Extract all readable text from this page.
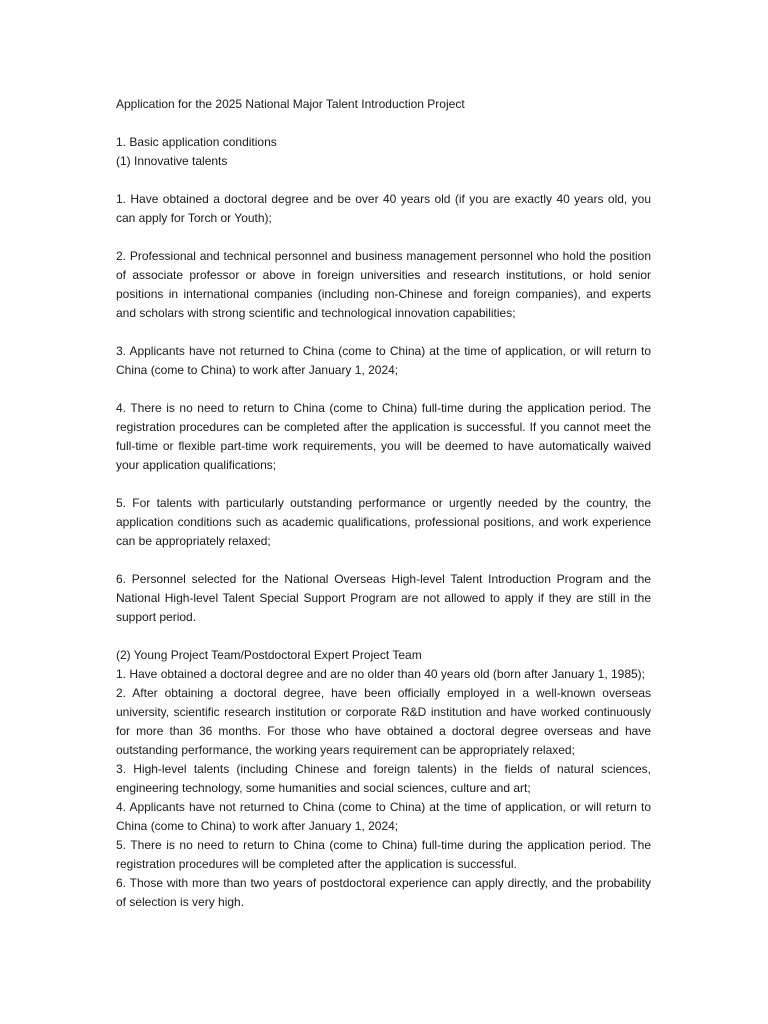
Application for the 2025 National Major Talent Introduction Project

1. Basic application conditions

(1) Innovative talents

1. Have obtained a doctoral degree and be over 40 years old (if you are exactly 40 years old, you can apply for Torch or Youth);

2. Professional and technical personnel and business management personnel who hold the position of associate professor or above in foreign universities and research institutions, or hold senior positions in international companies (including non-Chinese and foreign companies), and experts and scholars with strong scientific and technological innovation capabilities;

3. Applicants have not returned to China (come to China) at the time of application, or will return to China (come to China) to work after January 1, 2024;

4. There is no need to return to China (come to China) full-time during the application period. The registration procedures can be completed after the application is successful. If you cannot meet the full-time or flexible part-time work requirements, you will be deemed to have automatically waived your application qualifications;

5. For talents with particularly outstanding performance or urgently needed by the country, the application conditions such as academic qualifications, professional positions, and work experience can be appropriately relaxed;

6. Personnel selected for the National Overseas High-level Talent Introduction Program and the National High-level Talent Special Support Program are not allowed to apply if they are still in the support period.

(2) Young Project Team/Postdoctoral Expert Project Team

1. Have obtained a doctoral degree and are no older than 40 years old (born after January 1, 1985);

2. After obtaining a doctoral degree, have been officially employed in a well-known overseas university, scientific research institution or corporate R&D institution and have worked continuously for more than 36 months. For those who have obtained a doctoral degree overseas and have outstanding performance, the working years requirement can be appropriately relaxed;

3. High-level talents (including Chinese and foreign talents) in the fields of natural sciences, engineering technology, some humanities and social sciences, culture and art;

4. Applicants have not returned to China (come to China) at the time of application, or will return to China (come to China) to work after January 1, 2024;

5. There is no need to return to China (come to China) full-time during the application period. The registration procedures will be completed after the application is successful.

6. Those with more than two years of postdoctoral experience can apply directly, and the probability of selection is very high.
